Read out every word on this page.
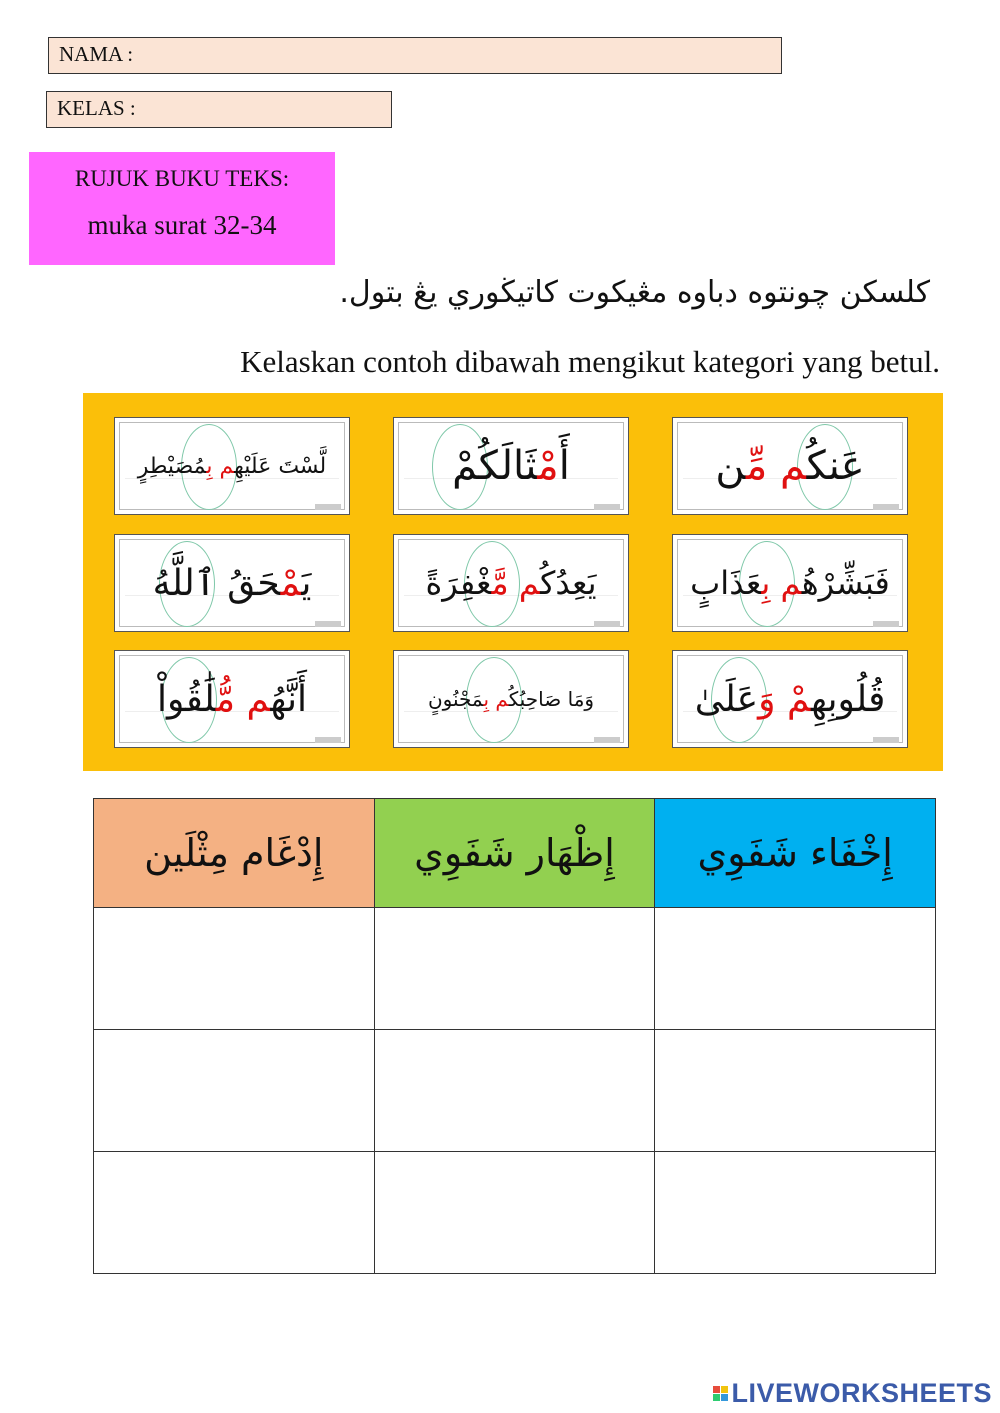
NAMA :
KELAS :
RUJUK BUKU TEKS:
muka surat 32-34
كلسكن چونتوه دباوه مڠيكوت كاتيڬوري يڠ بتول.
Kelaskan contoh dibawah mengikut kategori yang betul.
عَنكُم مِّن
أَمْثَالَكُمْ
لَّسْتَ عَلَيْهِم بِمُصَيْطِرٍ
فَبَشِّرْهُم بِعَذَابٍ
يَعِدُكُم مَّغْفِرَةً
يَمْحَقُ ٱللَّهُ
قُلُوبِهِمْ وَعَلَىٰ
وَمَا صَاحِبُكُم بِمَجْنُونٍ
أَنَّهُم مُّلَٰقُواْ
إِدْغَام مِثْلَين	إِظْهَار شَفَوِي	إِخْفَاء شَفَوِي

LIVEWORKSHEETS
